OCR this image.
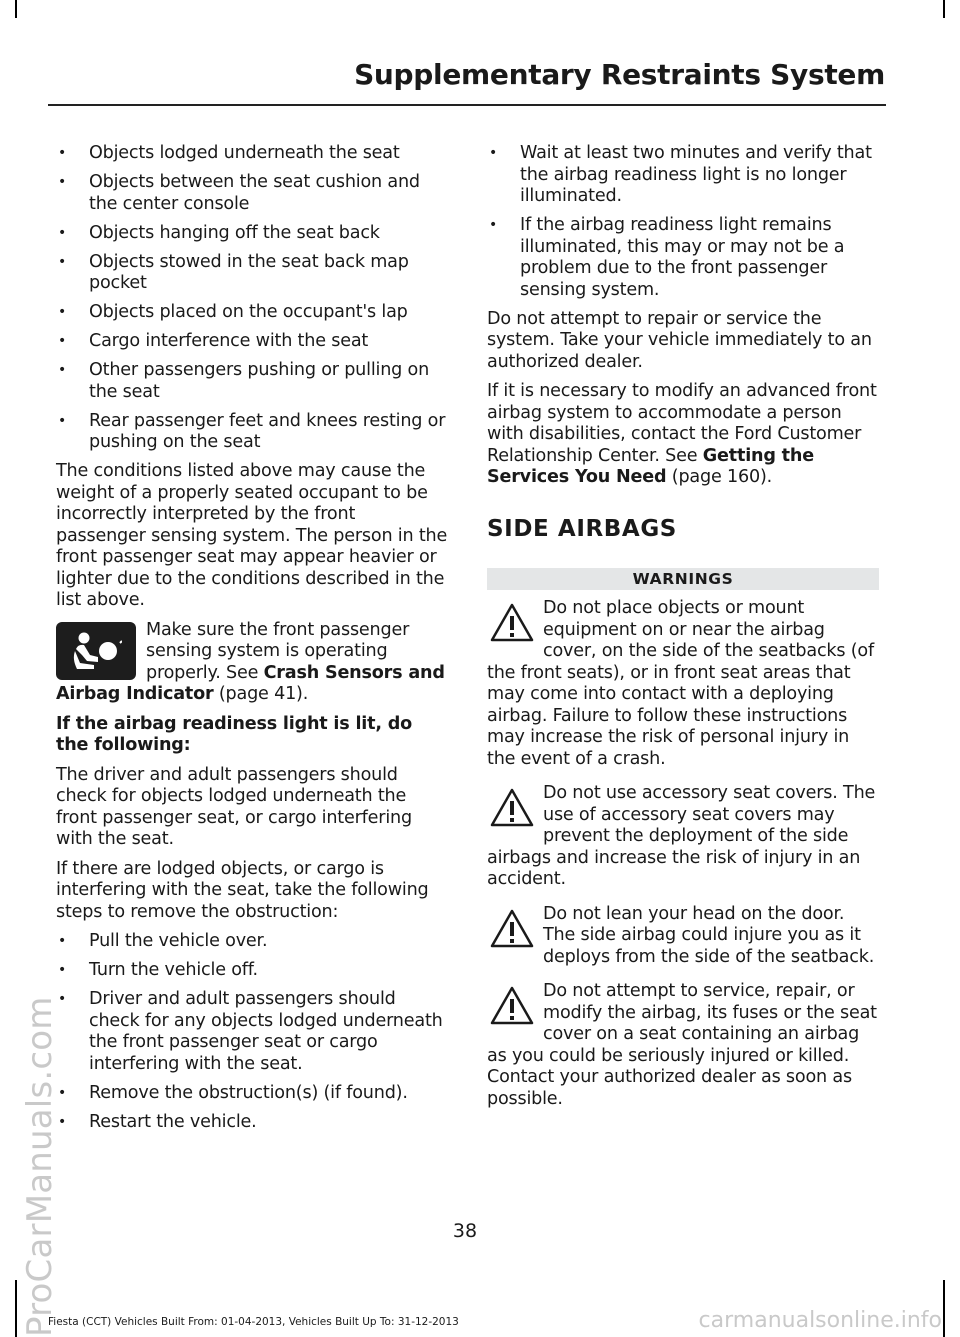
Supplementary Restraints System
• Objects lodged underneath the seat
• Objects between the seat cushion and the center console
• Objects hanging off the seat back
• Objects stowed in the seat back map pocket
• Objects placed on the occupant's lap
• Cargo interference with the seat
• Other passengers pushing or pulling on the seat
• Rear passenger feet and knees resting or pushing on the seat

The conditions listed above may cause the weight of a properly seated occupant to be incorrectly interpreted by the front passenger sensing system. The person in the front passenger seat may appear heavier or lighter due to the conditions described in the list above.

Make sure the front passenger sensing system is operating properly. See Crash Sensors and Airbag Indicator (page 41).

If the airbag readiness light is lit, do the following:

The driver and adult passengers should check for objects lodged underneath the front passenger seat, or cargo interfering with the seat.

If there are lodged objects, or cargo is interfering with the seat, take the following steps to remove the obstruction:

• Pull the vehicle over.
• Turn the vehicle off.
• Driver and adult passengers should check for any objects lodged underneath the front passenger seat or cargo interfering with the seat.
• Remove the obstruction(s) (if found).
• Restart the vehicle.
• Wait at least two minutes and verify that the airbag readiness light is no longer illuminated.
• If the airbag readiness light remains illuminated, this may or may not be a problem due to the front passenger sensing system.

Do not attempt to repair or service the system. Take your vehicle immediately to an authorized dealer.

If it is necessary to modify an advanced front airbag system to accommodate a person with disabilities, contact the Ford Customer Relationship Center. See Getting the Services You Need (page 160).

SIDE AIRBAGS
WARNINGS

Do not place objects or mount equipment on or near the airbag cover, on the side of the seatbacks (of the front seats), or in front seat areas that may come into contact with a deploying airbag. Failure to follow these instructions may increase the risk of personal injury in the event of a crash.

Do not use accessory seat covers. The use of accessory seat covers may prevent the deployment of the side airbags and increase the risk of injury in an accident.

Do not lean your head on the door. The side airbag could injure you as it deploys from the side of the seatback.

Do not attempt to service, repair, or modify the airbag, its fuses or the seat cover on a seat containing an airbag as you could be seriously injured or killed. Contact your authorized dealer as soon as possible.

38
Fiesta (CCT) Vehicles Built From: 01-04-2013, Vehicles Built Up To: 31-12-2013
ProCarManuals.com	carmanualsonline.info
